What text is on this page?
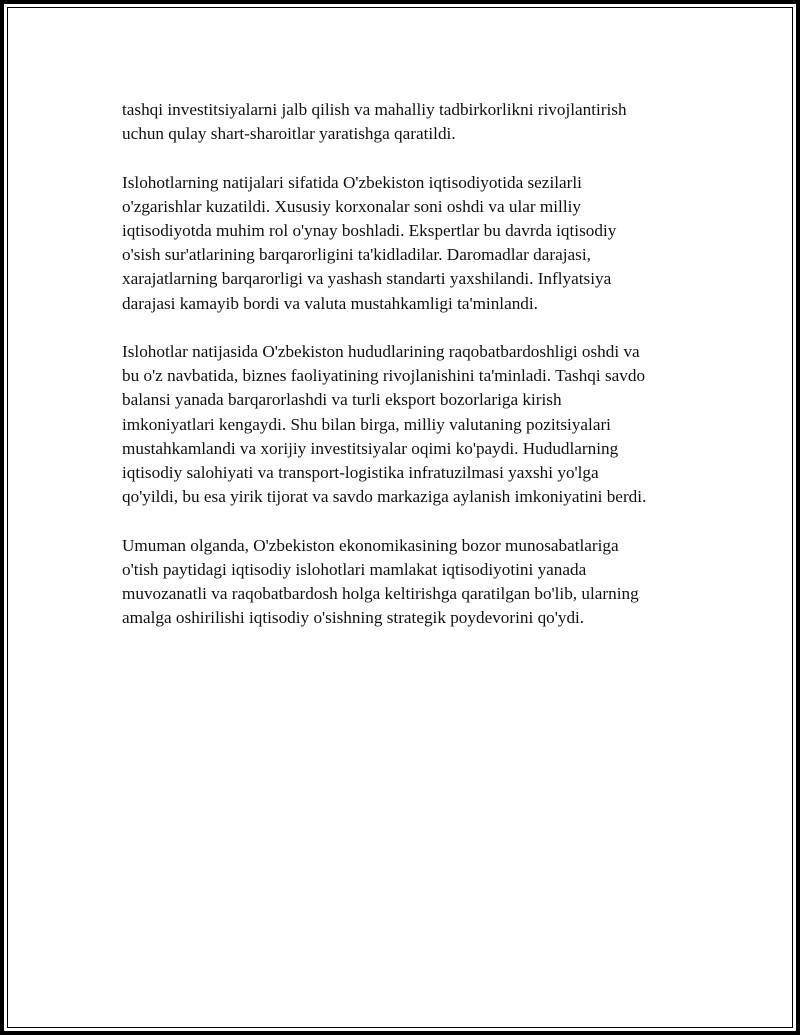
tashqi investitsiyalarni jalb qilish va mahalliy tadbirkorlikni rivojlantirish
uchun qulay shart-sharoitlar yaratishga qaratildi.

Islohotlarning natijalari sifatida O'zbekiston iqtisodiyotida sezilarli
o'zgarishlar kuzatildi. Xususiy korxonalar soni oshdi va ular milliy
iqtisodiyotda muhim rol o'ynay boshladi. Ekspertlar bu davrda iqtisodiy
o'sish sur'atlarining barqarorligini ta'kidladilar. Daromadlar darajasi,
xarajatlarning barqarorligi va yashash standarti yaxshilandi. Inflyatsiya
darajasi kamayib bordi va valuta mustahkamligi ta'minlandi.

Islohotlar natijasida O'zbekiston hududlarining raqobatbardoshligi oshdi va
bu o'z navbatida, biznes faoliyatining rivojlanishini ta'minladi. Tashqi savdo
balansi yanada barqarorlashdi va turli eksport bozorlariga kirish
imkoniyatlari kengaydi. Shu bilan birga, milliy valutaning pozitsiyalari
mustahkamlandi va xorijiy investitsiyalar oqimi ko'paydi. Hududlarning
iqtisodiy salohiyati va transport-logistika infratuzilmasi yaxshi yo'lga
qo'yildi, bu esa yirik tijorat va savdo markaziga aylanish imkoniyatini berdi.

Umuman olganda, O'zbekiston ekonomikasining bozor munosabatlariga
o'tish paytidagi iqtisodiy islohotlari mamlakat iqtisodiyotini yanada
muvozanatli va raqobatbardosh holga keltirishga qaratilgan bo'lib, ularning
amalga oshirilishi iqtisodiy o'sishning strategik poydevorini qo'ydi.
